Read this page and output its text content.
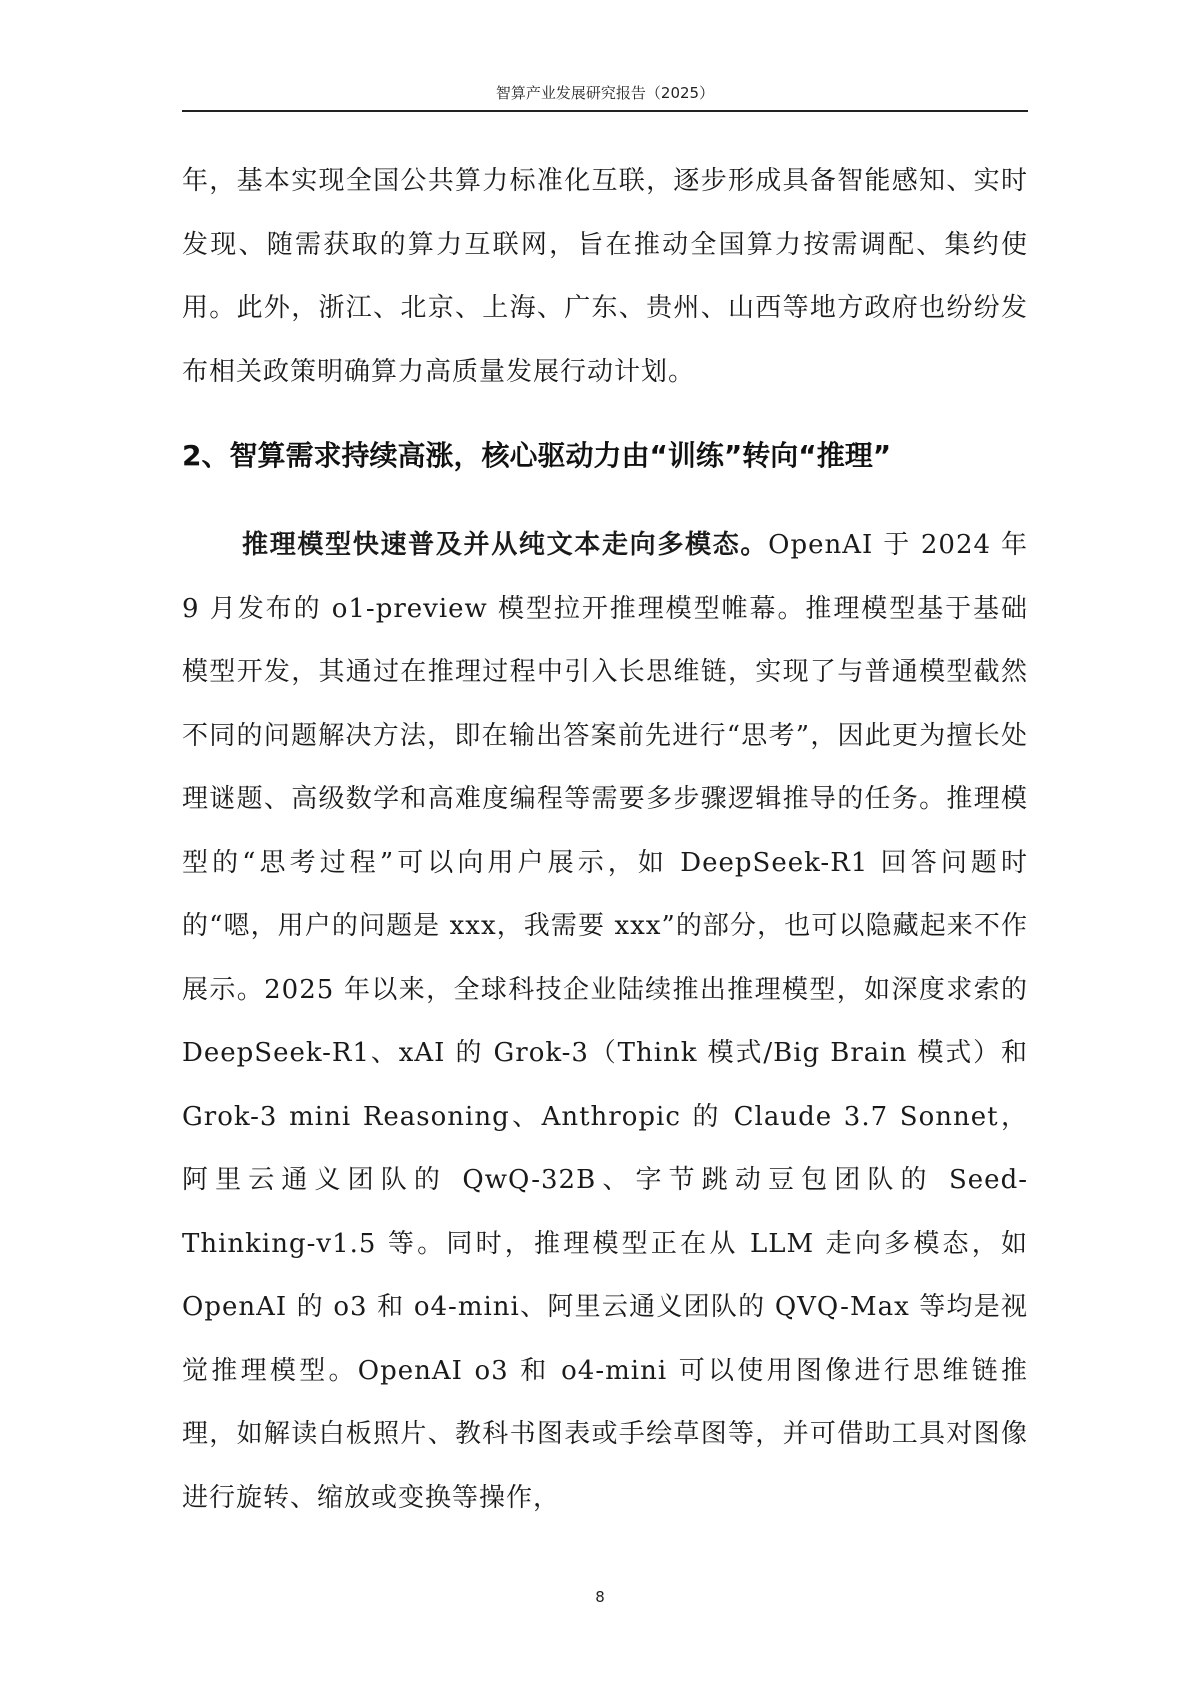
智算产业发展研究报告（2025）

年，基本实现全国公共算力标准化互联，逐步形成具备智能感知、实时发现、随需获取的算力互联网，旨在推动全国算力按需调配、集约使用。此外，浙江、北京、上海、广东、贵州、山西等地方政府也纷纷发布相关政策明确算力高质量发展行动计划。

2、智算需求持续高涨，核心驱动力由“训练”转向“推理”

推理模型快速普及并从纯文本走向多模态。OpenAI 于 2024 年 9 月发布的 o1-preview 模型拉开推理模型帷幕。推理模型基于基础模型开发，其通过在推理过程中引入长思维链，实现了与普通模型截然不同的问题解决方法，即在输出答案前先进行“思考”，因此更为擅长处理谜题、高级数学和高难度编程等需要多步骤逻辑推导的任务。推理模型的“思考过程”可以向用户展示，如 DeepSeek-R1 回答问题时的“嗯，用户的问题是 xxx，我需要 xxx”的部分，也可以隐藏起来不作展示。2025 年以来，全球科技企业陆续推出推理模型，如深度求索的 DeepSeek-R1、xAI 的 Grok-3（Think 模式/Big Brain 模式）和 Grok-3 mini Reasoning、Anthropic 的 Claude 3.7 Sonnet，阿里云通义团队的 QwQ-32B、字节跳动豆包团队的 Seed-Thinking-v1.5 等。同时，推理模型正在从 LLM 走向多模态，如 OpenAI 的 o3 和 o4-mini、阿里云通义团队的 QVQ-Max 等均是视觉推理模型。OpenAI o3 和 o4-mini 可以使用图像进行思维链推理，如解读白板照片、教科书图表或手绘草图等，并可借助工具对图像进行旋转、缩放或变换等操作，

8
